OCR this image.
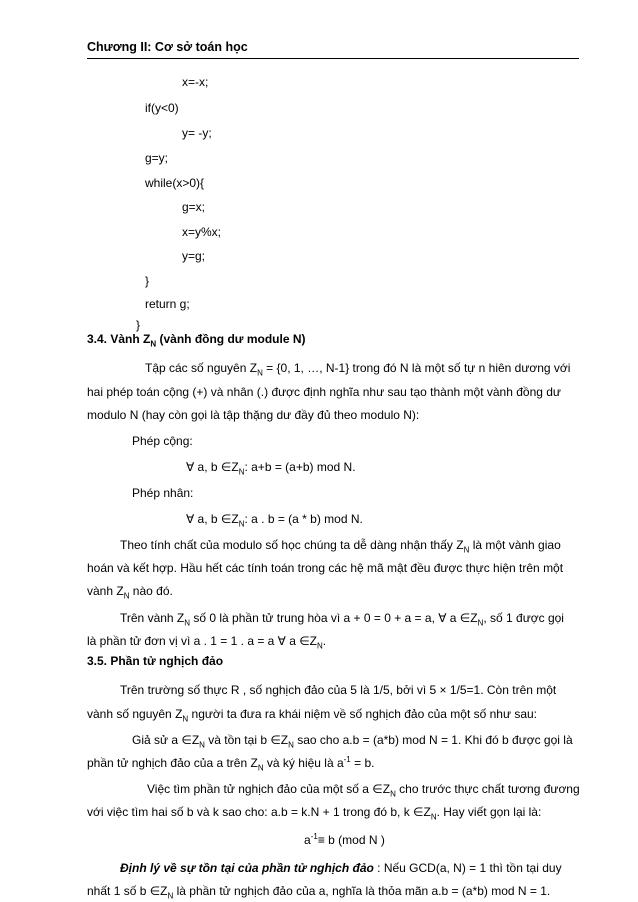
Chương II: Cơ sở toán học
x=-x;
if(y<0)
y= -y;
g=y;
while(x>0){
g=x;
x=y%x;
y=g;
}
return g;
}
3.4. Vành $Z_N$ (vành đồng dư module N)
Tập các số nguyên $Z_N = \{0$, 1, …, N-1} trong đó N là một số tự n hiên dương với
hai phép toán cộng (+) và nhân (.) được định nghĩa như sau tạo thành một vành đồng dư
modulo N (hay còn gọi là tập thặng dư đầy đủ theo modulo N):
Phép cộng:
∀ a, b $\in Z_N$: a+b = (a+b) mod N.
Phép nhân:
∀ a, b $\in Z_N$: a . b = (a * b) mod N.
Theo tính chất của modulo số học chúng ta dễ dàng nhận thấy $Z_N$ là một vành giao
hoán và kết hợp. Hầu hết các tính toán trong các hệ mã mật đều được thực hiện trên một
vành $Z_N$ nào đó.
Trên vành $Z_N$ số 0 là phần tử trung hòa vì a + 0 = 0 + a = a, ∀ a $\in Z_N$, số 1 được gọi
là phần tử đơn vị vì a . 1 = 1 . a = a ∀ a $\in Z_N$.
3.5. Phần tử nghịch đảo
Trên trường số thực R , số nghịch đảo của 5 là 1/5, bởi vì 5 × 1/5=1. Còn trên một
vành số nguyên $Z_N$ người ta đưa ra khái niệm về số nghịch đảo của một số như sau:
Giả sử a $\in Z_N$ và tồn tại b $\in Z_N$ sao cho a.b = (a*b) mod N = 1. Khi đó b được gọi là
phần tử nghịch đảo của a trên $Z_N$ và ký hiệu là $a^{-1} = b$.
Việc tìm phần tử nghịch đảo của một số a $\in Z_N$ cho trước thực chất tương đương
với việc tìm hai số b và k sao cho: a.b = k.N + 1 trong đó b, k $\in Z_N$. Hay viết gọn lại là:
$a^{-1}\equiv b$ (mod N )
Định lý về sự tồn tại của phần tử nghịch đảo : Nếu GCD(a, N) = 1 thì tồn tại duy
nhất 1 số b $\in Z_N$ là phần tử nghịch đảo của a, nghĩa là thỏa mãn a.b = (a*b) mod N = 1.
